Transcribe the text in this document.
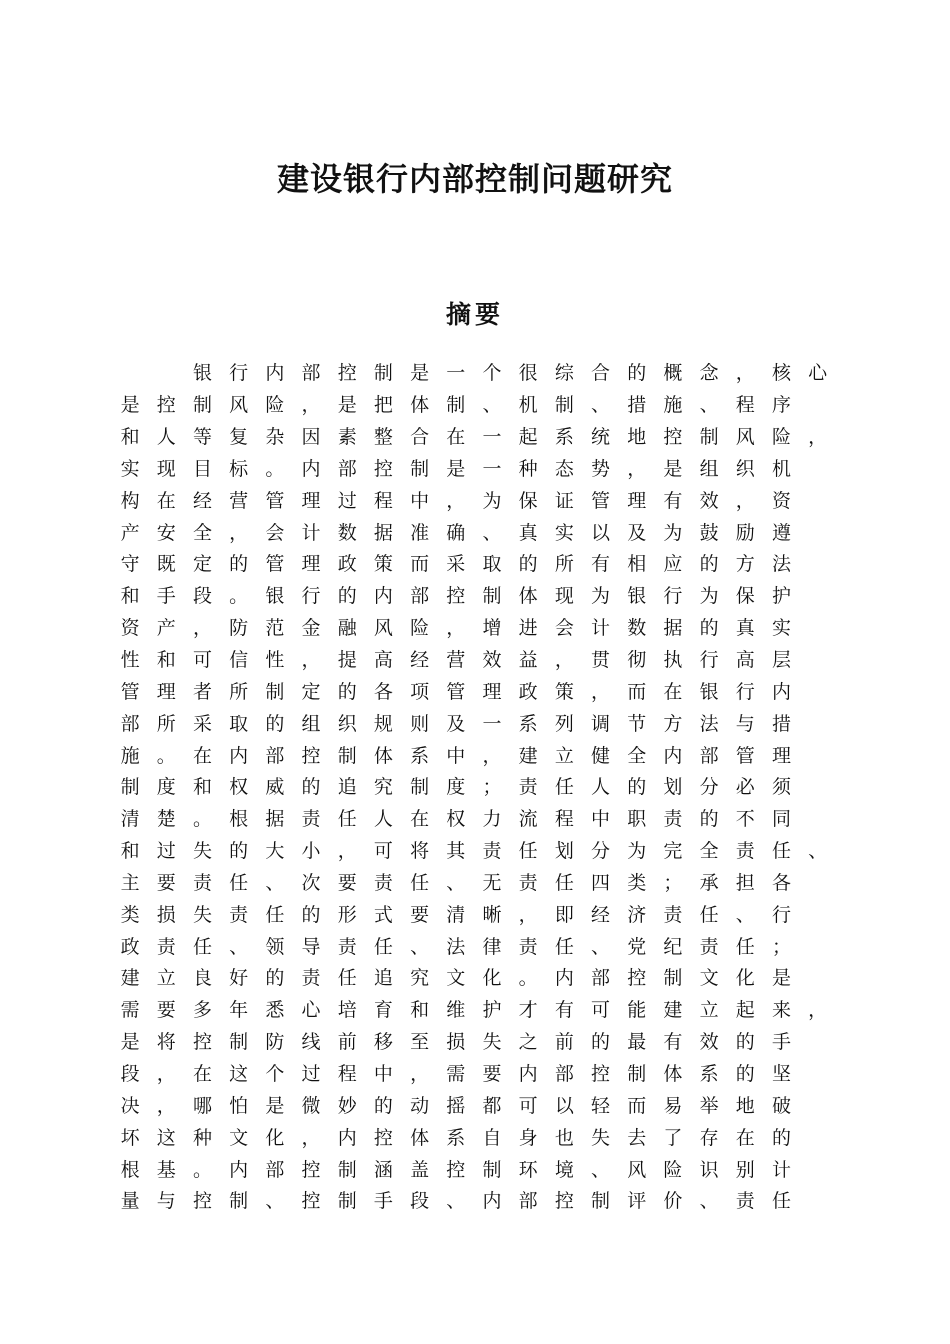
建设银行内部控制问题研究
摘要

银 行 内 部 控 制 是 一 个 很 综 合 的 概 念 ， 核 心
是 控 制 风 险 ， 是 把 体 制 、 机 制 、 措 施 、 程 序
和 人 等 复 杂 因 素 整 合 在 一 起 系 统 地 控 制 风 险 ，
实 现 目 标 。 内 部 控 制 是 一 种 态 势 ， 是 组 织 机
构 在 经 营 管 理 过 程 中 ， 为 保 证 管 理 有 效 ， 资
产 安 全 ， 会 计 数 据 准 确 、 真 实 以 及 为 鼓 励 遵
守 既 定 的 管 理 政 策 而 采 取 的 所 有 相 应 的 方 法
和 手 段 。 银 行 的 内 部 控 制 体 现 为 银 行 为 保 护
资 产 ， 防 范 金 融 风 险 ， 增 进 会 计 数 据 的 真 实
性 和 可 信 性 ， 提 高 经 营 效 益 ， 贯 彻 执 行 高 层
管 理 者 所 制 定 的 各 项 管 理 政 策 ， 而 在 银 行 内
部 所 采 取 的 组 织 规 则 及 一 系 列 调 节 方 法 与 措
施 。 在 内 部 控 制 体 系 中 ， 建 立 健 全 内 部 管 理
制 度 和 权 威 的 追 究 制 度 ； 责 任 人 的 划 分 必 须
清 楚 。 根 据 责 任 人 在 权 力 流 程 中 职 责 的 不 同
和 过 失 的 大 小 ， 可 将 其 责 任 划 分 为 完 全 责 任 、
主 要 责 任 、 次 要 责 任 、 无 责 任 四 类 ； 承 担 各
类 损 失 责 任 的 形 式 要 清 晰 ， 即 经 济 责 任 、 行
政 责 任 、 领 导 责 任 、 法 律 责 任 、 党 纪 责 任 ；
建 立 良 好 的 责 任 追 究 文 化 。 内 部 控 制 文 化 是
需 要 多 年 悉 心 培 育 和 维 护 才 有 可 能 建 立 起 来 ，
是 将 控 制 防 线 前 移 至 损 失 之 前 的 最 有 效 的 手
段 ， 在 这 个 过 程 中 ， 需 要 内 部 控 制 体 系 的 坚
决 ， 哪 怕 是 微 妙 的 动 摇 都 可 以 轻 而 易 举 地 破
坏 这 种 文 化 ， 内 控 体 系 自 身 也 失 去 了 存 在 的
根 基 。 内 部 控 制 涵 盖 控 制 环 境 、 风 险 识 别 计
量 与 控 制 、 控 制 手 段 、 内 部 控 制 评 价 、 责 任
